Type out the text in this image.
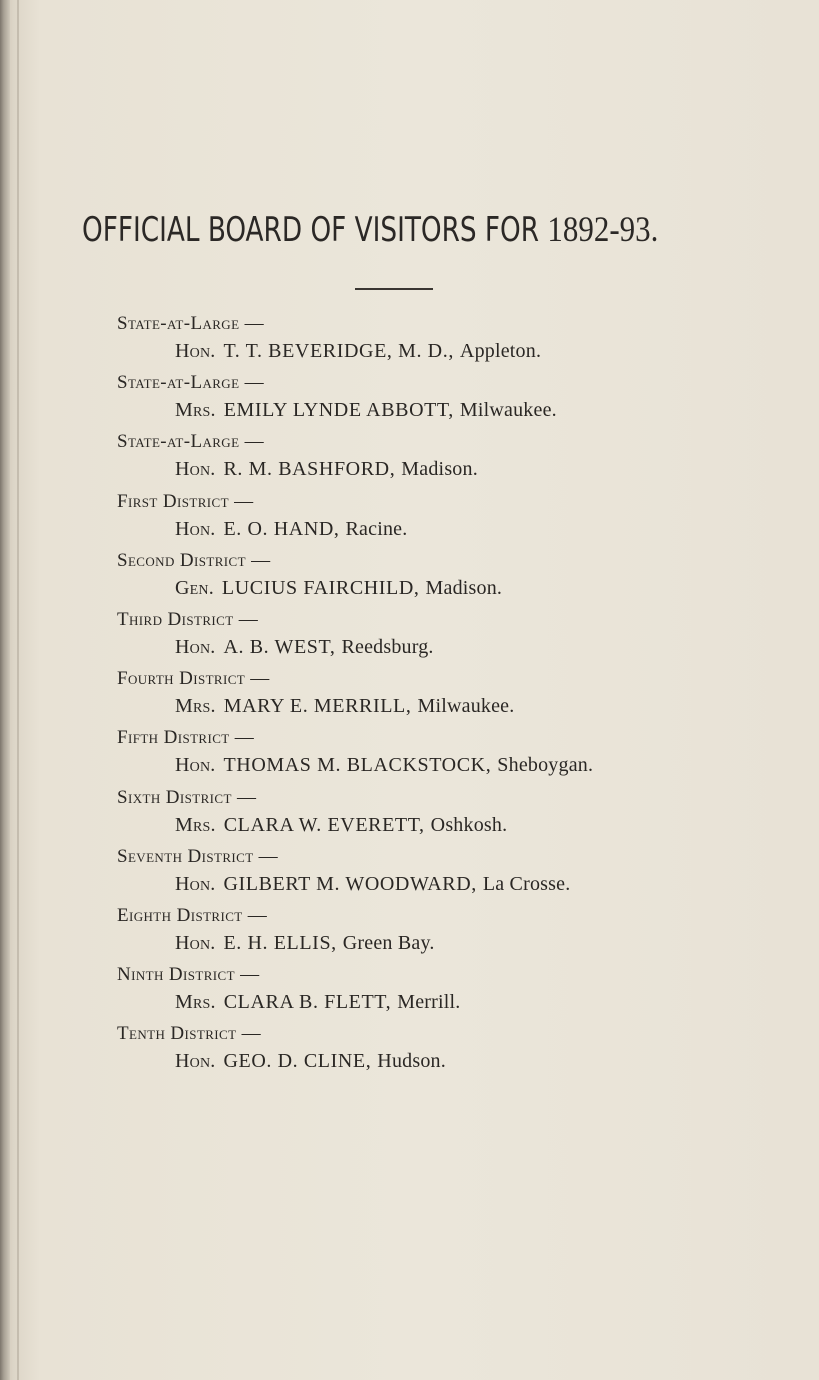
OFFICIAL BOARD OF VISITORS FOR 1892-93.
State-at-Large —
Hon. T. T. BEVERIDGE, M. D., Appleton.
State-at-Large —
Mrs. EMILY LYNDE ABBOTT, Milwaukee.
State-at-Large —
Hon. R. M. BASHFORD, Madison.
First District —
Hon. E. O. HAND, Racine.
Second District —
Gen. LUCIUS FAIRCHILD, Madison.
Third District —
Hon. A. B. WEST, Reedsburg.
Fourth District —
Mrs. MARY E. MERRILL, Milwaukee.
Fifth District —
Hon. THOMAS M. BLACKSTOCK, Sheboygan.
Sixth District —
Mrs. CLARA W. EVERETT, Oshkosh.
Seventh District —
Hon. GILBERT M. WOODWARD, La Crosse.
Eighth District —
Hon. E. H. ELLIS, Green Bay.
Ninth District —
Mrs. CLARA B. FLETT, Merrill.
Tenth District —
Hon. GEO. D. CLINE, Hudson.
